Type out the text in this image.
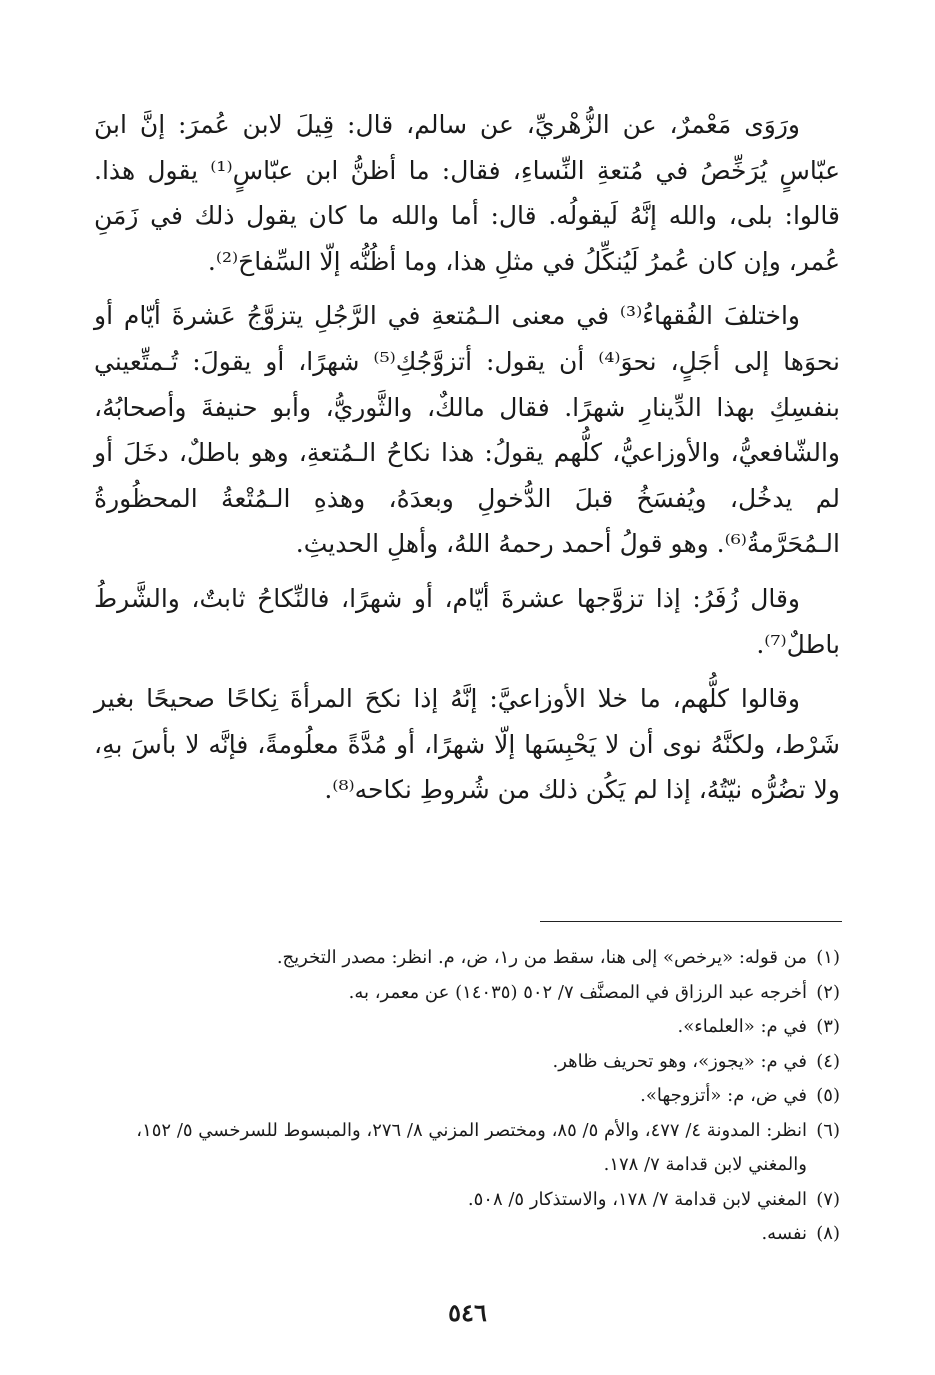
ورَوَى مَعْمرٌ، عن الزُّهْريِّ، عن سالم، قال: قِيلَ لابن عُمرَ: إنَّ ابنَ عبّاسٍ يُرَخِّصُ في مُتعةِ النِّساءِ، فقال: ما أظنُّ ابن عبّاسٍ⁽¹⁾ يقول هذا. قالوا: بلى، والله إنَّهُ لَيقولُه. قال: أما والله ما كان يقول ذلك في زَمَنِ عُمر، وإن كان عُمرُ لَيُنكِّلُ في مثلِ هذا، وما أظُنُّه إلّا السِّفاحَ⁽²⁾.

واختلفَ الفُقهاءُ⁽³⁾ في معنى الـمُتعةِ في الرَّجُلِ يتزوَّجُ عَشرةَ أيّام أو نحوَها إلى أجَلٍ، نحوَ⁽⁴⁾ أن يقول: أتزوَّجُكِ⁽⁵⁾ شهرًا، أو يقولَ: تُـمتِّعيني بنفسِكِ بهذا الدِّينارِ شهرًا. فقال مالكٌ، والثَّوريُّ، وأبو حنيفةَ وأصحابُهُ، والشّافعيُّ، والأوزاعيُّ، كلُّهم يقولُ: هذا نكاحُ الـمُتعةِ، وهو باطلٌ، دخَلَ أو لم يدخُل، ويُفسَخُ قبلَ الدُّخولِ وبعدَهُ، وهذهِ الـمُتْعةُ المحظُورةُ الـمُحَرَّمةُ⁽⁶⁾. وهو قولُ أحمد رحمهُ اللهُ، وأهلِ الحديثِ.

وقال زُفَرُ: إذا تزوَّجها عشرةَ أيّام، أو شهرًا، فالنِّكاحُ ثابتٌ، والشَّرطُ باطلٌ⁽⁷⁾.

وقالوا كلُّهم، ما خلا الأوزاعيَّ: إنَّهُ إذا نكحَ المرأةَ نِكاحًا صحيحًا بغير شَرْط، ولكنَّهُ نوى أن لا يَحْبِسَها إلّا شهرًا، أو مُدَّةً معلُومةً، فإنَّه لا بأسَ بهِ، ولا تضُرُّه نيّتُهُ، إذا لم يَكُن ذلك من شُروطِ نكاحه⁽⁸⁾.

(١)من قوله: «يرخص» إلى هنا، سقط من ر١، ض، م. انظر: مصدر التخريج.
(٢)أخرجه عبد الرزاق في المصنَّف ٧/ ٥٠٢ (١٤٠٣٥) عن معمر، به.
(٣)في م: «العلماء».
(٤)في م: «يجوز»، وهو تحريف ظاهر.
(٥)في ض، م: «أتزوجها».
(٦)انظر: المدونة ٤/ ٤٧٧، والأم ٥/ ٨٥، ومختصر المزني ٨/ ٢٧٦، والمبسوط للسرخسي ٥/ ١٥٢،
والمغني لابن قدامة ٧/ ١٧٨.
(٧)المغني لابن قدامة ٧/ ١٧٨، والاستذكار ٥/ ٥٠٨.
(٨)نفسه.
٥٤٦
